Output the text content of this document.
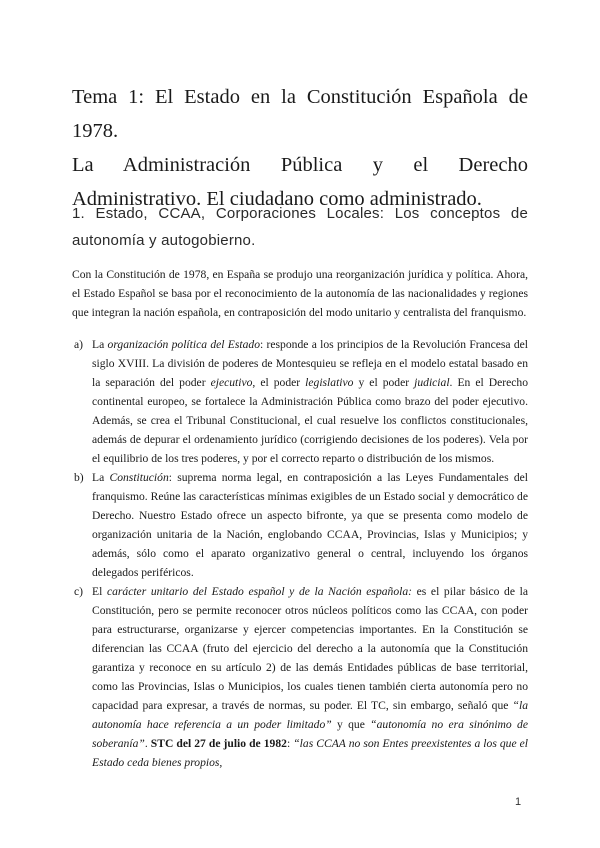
Tema 1: El Estado en la Constitución Española de 1978.
La Administración Pública y el Derecho
Administrativo. El ciudadano como administrado.
1. Estado, CCAA, Corporaciones Locales: Los conceptos de autonomía y autogobierno.

Con la Constitución de 1978, en España se produjo una reorganización jurídica y política. Ahora, el Estado Español se basa por el reconocimiento de la autonomía de las nacionalidades y regiones que integran la nación española, en contraposición del modo unitario y centralista del franquismo.

a) La organización política del Estado: responde a los principios de la Revolución Francesa del siglo XVIII. La división de poderes de Montesquieu se refleja en el modelo estatal basado en la separación del poder ejecutivo, el poder legislativo y el poder judicial. En el Derecho continental europeo, se fortalece la Administración Pública como brazo del poder ejecutivo. Además, se crea el Tribunal Constitucional, el cual resuelve los conflictos constitucionales, además de depurar el ordenamiento jurídico (corrigiendo decisiones de los poderes). Vela por el equilibrio de los tres poderes, y por el correcto reparto o distribución de los mismos.
b) La Constitución: suprema norma legal, en contraposición a las Leyes Fundamentales del franquismo. Reúne las características mínimas exigibles de un Estado social y democrático de Derecho. Nuestro Estado ofrece un aspecto bifronte, ya que se presenta como modelo de organización unitaria de la Nación, englobando CCAA, Provincias, Islas y Municipios; y además, sólo como el aparato organizativo general o central, incluyendo los órganos delegados periféricos.
c) El carácter unitario del Estado español y de la Nación española: es el pilar básico de la Constitución, pero se permite reconocer otros núcleos políticos como las CCAA, con poder para estructurarse, organizarse y ejercer competencias importantes. En la Constitución se diferencian las CCAA (fruto del ejercicio del derecho a la autonomía que la Constitución garantiza y reconoce en su artículo 2) de las demás Entidades públicas de base territorial, como las Provincias, Islas o Municipios, los cuales tienen también cierta autonomía pero no capacidad para expresar, a través de normas, su poder. El TC, sin embargo, señaló que “la autonomía hace referencia a un poder limitado” y que “autonomía no era sinónimo de soberanía”. STC del 27 de julio de 1982: “las CCAA no son Entes preexistentes a los que el Estado ceda bienes propios,
1
